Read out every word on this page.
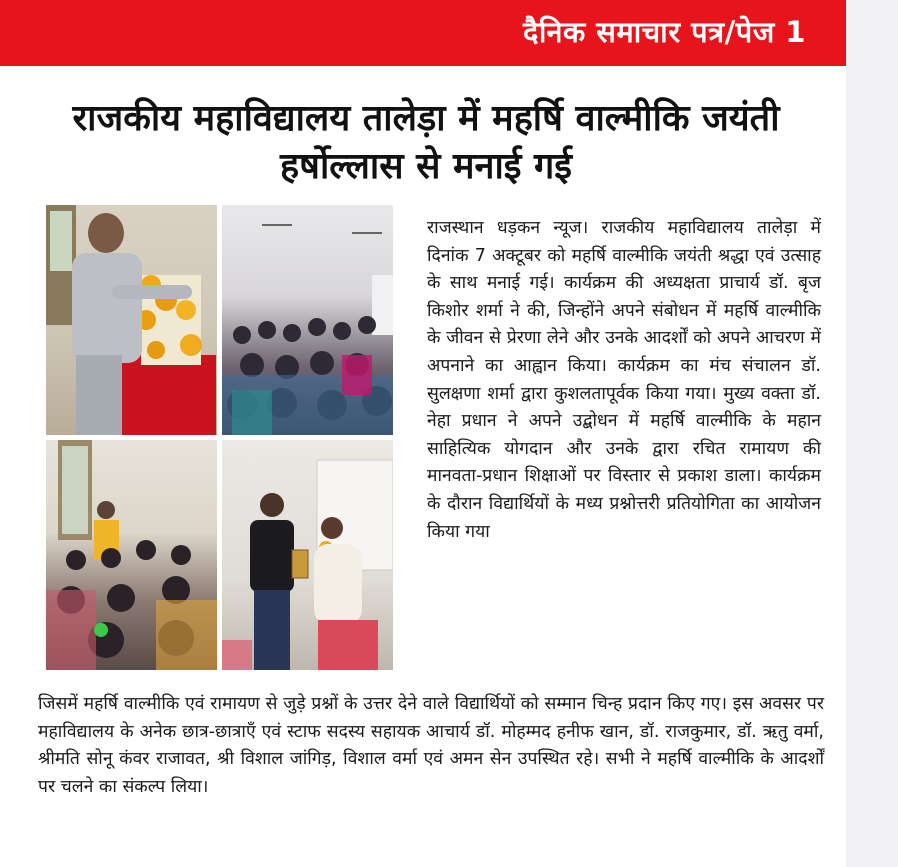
दैनिक समाचार पत्र/पेज 1
राजकीय महाविद्यालय तालेड़ा में महर्षि वाल्मीकि जयंती हर्षोल्लास से मनाई गई
राजस्थान धड़कन न्यूज। राजकीय महाविद्यालय तालेड़ा में दिनांक 7 अक्टूबर को महर्षि वाल्मीकि जयंती श्रद्धा एवं उत्साह के साथ मनाई गई। कार्यक्रम की अध्यक्षता प्राचार्य डॉ. बृज किशोर शर्मा ने की, जिन्होंने अपने संबोधन में महर्षि वाल्मीकि के जीवन से प्रेरणा लेने और उनके आदर्शों को अपने आचरण में अपनाने का आह्वान किया। कार्यक्रम का मंच संचालन डॉ. सुलक्षणा शर्मा द्वारा कुशलतापूर्वक किया गया। मुख्य वक्ता डॉ. नेहा प्रधान ने अपने उद्बोधन में महर्षि वाल्मीकि के महान साहित्यिक योगदान और उनके द्वारा रचित रामायण की मानवता-प्रधान शिक्षाओं पर विस्तार से प्रकाश डाला। कार्यक्रम के दौरान विद्यार्थियों के मध्य प्रश्नोत्तरी प्रतियोगिता का आयोजन किया गया
जिसमें महर्षि वाल्मीकि एवं रामायण से जुड़े प्रश्नों के उत्तर देने वाले विद्यार्थियों को सम्मान चिन्ह प्रदान किए गए। इस अवसर पर महाविद्यालय के अनेक छात्र-छात्राएँ एवं स्टाफ सदस्य सहायक आचार्य डॉ. मोहम्मद हनीफ खान, डॉ. राजकुमार, डॉ. ऋतु वर्मा, श्रीमति सोनू कंवर राजावत, श्री विशाल जांगिड़, विशाल वर्मा एवं अमन सेन उपस्थित रहे। सभी ने महर्षि वाल्मीकि के आदर्शों पर चलने का संकल्प लिया।
